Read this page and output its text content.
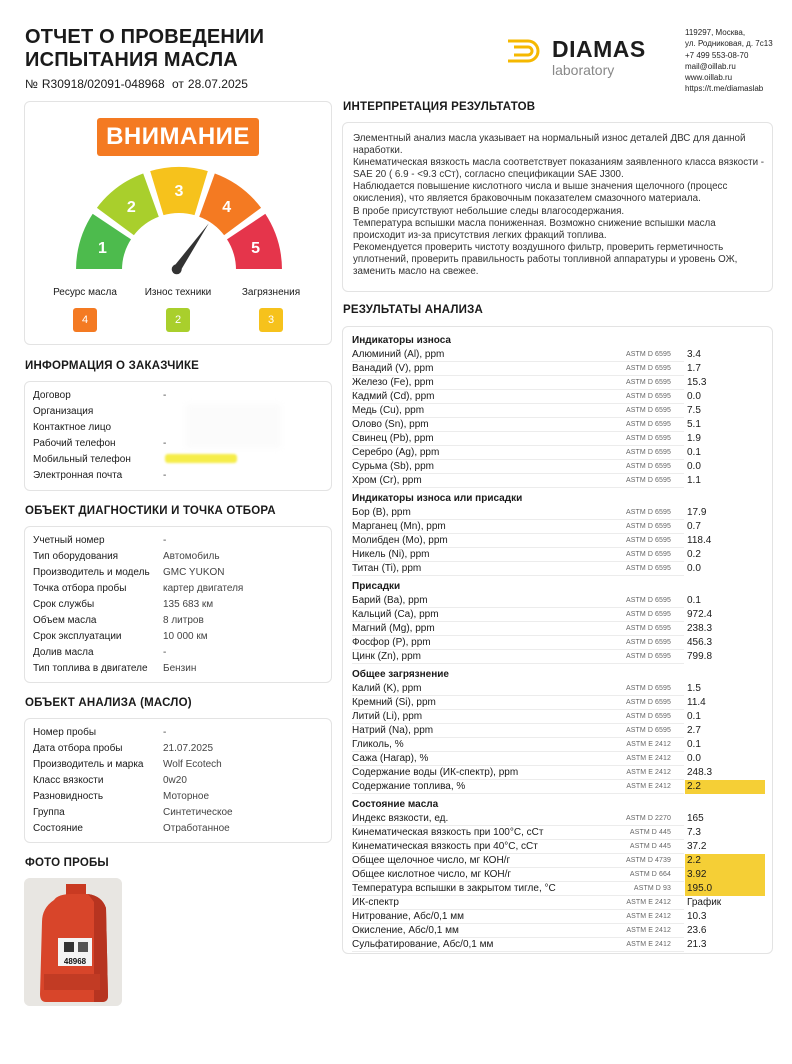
ОТЧЕТ О ПРОВЕДЕНИИ
ИСПЫТАНИЯ МАСЛА
№ R30918/02091-048968 от 28.07.2025
DIAMAS
laboratory
119297, Москва,
ул. Родниковая, д. 7с13
+7 499 553-08-70
mail@oillab.ru
www.oillab.ru
https://t.me/diamaslab
ВНИМАНИЕ
1
2
3
4
5
Ресурс масла	Износ техники	Загрязнения
4	2	3
ИНФОРМАЦИЯ О ЗАКАЗЧИКЕ
Договор	-
Организация
Контактное лицо
Рабочий телефон	-
Мобильный телефон
Электронная почта	-
ОБЪЕКТ ДИАГНОСТИКИ И ТОЧКА ОТБОРА
Учетный номер	-
Тип оборудования	Автомобиль
Производитель и модель	GMC YUKON
Точка отбора пробы	картер двигателя
Срок службы	135 683 км
Объем масла	8 литров
Срок эксплуатации	10 000 км
Долив масла	-
Тип топлива в двигателе	Бензин
ОБЪЕКТ АНАЛИЗА (МАСЛО)
Номер пробы	-
Дата отбора пробы	21.07.2025
Производитель и марка	Wolf Ecotech
Класс вязкости	0w20
Разновидность	Моторное
Группа	Синтетическое
Состояние	Отработанное
ФОТО ПРОБЫ
48968
ИНТЕРПРЕТАЦИЯ РЕЗУЛЬТАТОВ
Элементный анализ масла указывает на нормальный износ деталей ДВС для данной наработки.
Кинематическая вязкость масла соответствует показаниям заявленного класса вязкости - SAE 20 ( 6.9 - <9.3 сСт), согласно спецификации SAE J300.
Наблюдается повышение кислотного числа и выше значения щелочного (процесс окисления), что является браковочным показателем смазочного материала.
В пробе присутствуют небольшие следы влагосодержания.
Температура вспышки масла пониженная. Возможно снижение вспышки масла происходит из-за присутствия легких фракций топлива.
Рекомендуется проверить чистоту воздушного фильтр, проверить герметичность уплотнений, проверить правильность работы топливной аппаратуры и уровень ОЖ, заменить масло на свежее.
РЕЗУЛЬТАТЫ АНАЛИЗА
Индикаторы износа
Алюминий (Al), ppm	ASTM D 6595 3.4
Ванадий (V), ppm	ASTM D 6595 1.7
Железо (Fe), ppm	ASTM D 6595 15.3
Кадмий (Cd), ppm	ASTM D 6595 0.0
Медь (Cu), ppm	ASTM D 6595 7.5
Олово (Sn), ppm	ASTM D 6595 5.1
Свинец (Pb), ppm	ASTM D 6595 1.9
Серебро (Ag), ppm	ASTM D 6595 0.1
Сурьма (Sb), ppm	ASTM D 6595 0.0
Хром (Cr), ppm	ASTM D 6595 1.1
Индикаторы износа или присадки
Бор (B), ppm	ASTM D 6595 17.9
Марганец (Mn), ppm	ASTM D 6595 0.7
Молибден (Mo), ppm	ASTM D 6595 118.4
Никель (Ni), ppm	ASTM D 6595 0.2
Титан (Ti), ppm	ASTM D 6595 0.0
Присадки
Барий (Ba), ppm	ASTM D 6595 0.1
Кальций (Ca), ppm	ASTM D 6595 972.4
Магний (Mg), ppm	ASTM D 6595 238.3
Фосфор (P), ppm	ASTM D 6595 456.3
Цинк (Zn), ppm	ASTM D 6595 799.8
Общее загрязнение
Калий (K), ppm	ASTM D 6595 1.5
Кремний (Si), ppm	ASTM D 6595 11.4
Литий (Li), ppm	ASTM D 6595 0.1
Натрий (Na), ppm	ASTM D 6595 2.7
Гликоль, %	ASTM E 2412 0.1
Сажа (Нагар), %	ASTM E 2412 0.0
Содержание воды (ИК-спектр), ppm	ASTM E 2412 248.3
Содержание топлива, %	ASTM E 2412 2.2
Состояние масла
Индекс вязкости, ед.	ASTM D 2270 165
Кинематическая вязкость при 100°С, сСт	ASTM D 445 7.3
Кинематическая вязкость при 40°С, сСт	ASTM D 445 37.2
Общее щелочное число, мг КОН/г	ASTM D 4739 2.2
Общее кислотное число, мг КОН/г	ASTM D 664 3.92
Температура вспышки в закрытом тигле, °С	ASTM D 93 195.0
ИК-спектр	ASTM E 2412 График
Нитрование, Абс/0,1 мм	ASTM E 2412 10.3
Окисление, Абс/0,1 мм	ASTM E 2412 23.6
Сульфатирование, Абс/0,1 мм	ASTM E 2412 21.3
